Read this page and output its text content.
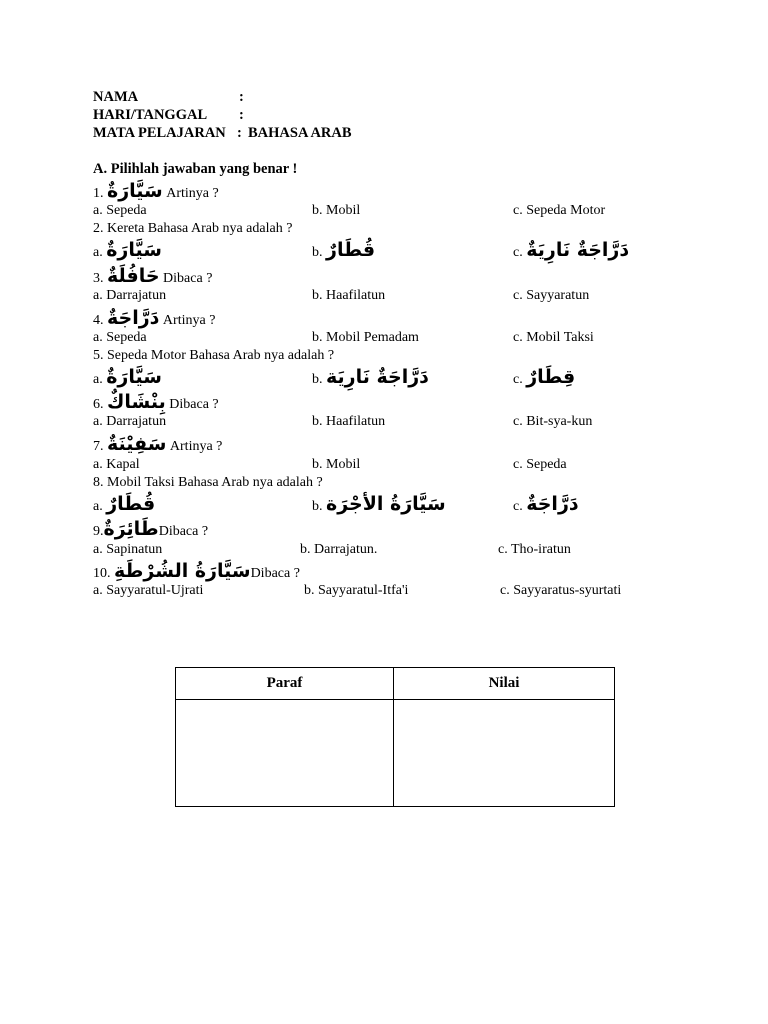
NAMA	:
HARI/TANGGAL :
MATA PELAJARAN : BAHASA ARAB
A. Pilihlah jawaban yang benar !
1. سَيَّارَةٌ Artinya ?
a. Sepeda	b. Mobil	c. Sepeda Motor
2. Kereta Bahasa Arab nya adalah ?
a. سَيَّارَةٌ	b. قُطَارٌ	c. دَرَّاجَةٌ نَارِيَةٌ
3. حَافُلَةٌ Dibaca ?
a. Darrajatun	b. Haafilatun	c. Sayyaratun
4. دَرَّاجَةٌ Artinya ?
a. Sepeda	b. Mobil Pemadam	c. Mobil Taksi
5. Sepeda Motor Bahasa Arab nya adalah ?
a. سَيَّارَةٌ	b. دَرَّاجَةٌ نَارِيَة	c. قِطَارٌ
6. بِنْشَاكٌ Dibaca ?
a. Darrajatun	b. Haafilatun	c. Bit-sya-kun
7. سَفِيْنَةٌ Artinya ?
a. Kapal	b. Mobil	c. Sepeda
8. Mobil Taksi Bahasa Arab nya adalah ?
a. قُطَارٌ	b. سَيَّارَةُ الأجْرَة	c. دَرَّاجَةٌ
9.طَائِرَةٌDibaca ?
a. Sapinatun	b. Darrajatun.	c. Tho-iratun
10. سَيَّارَةُ الشُرْطَةِDibaca ?
a. Sayyaratul-Ujrati	b. Sayyaratul-Itfa'i	c. Sayyaratus-syurtati
Paraf	Nilai
